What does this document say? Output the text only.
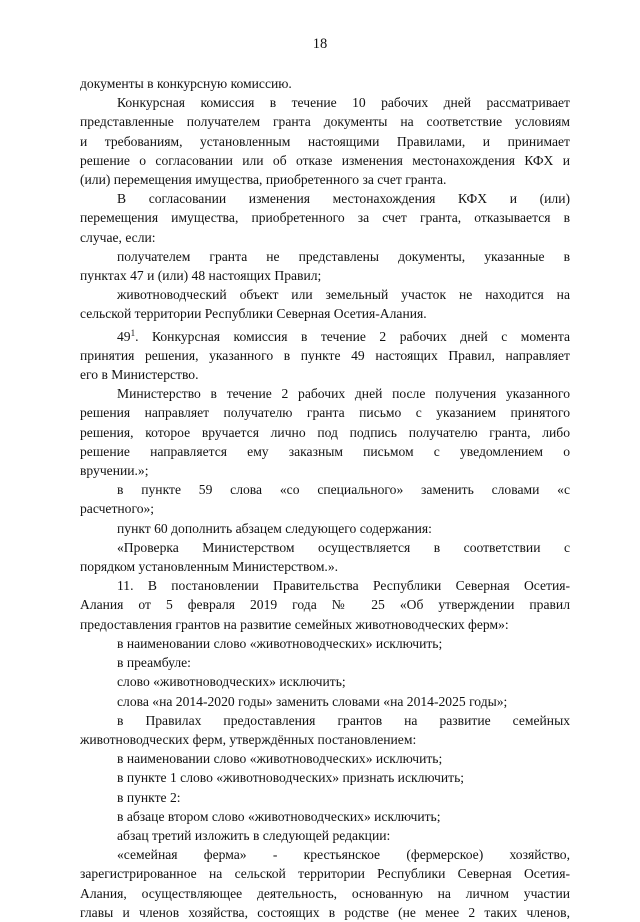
18
документы в конкурсную комиссию.
Конкурсная комиссия в течение 10 рабочих дней рассматривает
представленные получателем гранта документы на соответствие условиям
и требованиям, установленным настоящими Правилами, и принимает
решение о согласовании или об отказе изменения местонахождения КФХ и
(или) перемещения имущества, приобретенного за счет гранта.
В согласовании изменения местонахождения КФХ и (или)
перемещения имущества, приобретенного за счет гранта, отказывается в
случае, если:
получателем гранта не представлены документы, указанные в
пунктах 47 и (или) 48 настоящих Правил;
животноводческий объект или земельный участок не находится на
сельской территории Республики Северная Осетия-Алания.
$49^1$. Конкурсная комиссия в течение 2 рабочих дней с момента
принятия решения, указанного в пункте 49 настоящих Правил, направляет
его в Министерство.
Министерство в течение 2 рабочих дней после получения указанного
решения направляет получателю гранта письмо с указанием принятого
решения, которое вручается лично под подпись получателю гранта, либо
решение направляется ему заказным письмом с уведомлением о
вручении.»;
в пункте 59 слова «со специального» заменить словами «с
расчетного»;
пункт 60 дополнить абзацем следующего содержания:
«Проверка Министерством осуществляется в соответствии с
порядком установленным Министерством.».
11. В постановлении Правительства Республики Северная Осетия-
Алания от 5 февраля 2019 года № 25 «Об утверждении правил
предоставления грантов на развитие семейных животноводческих ферм»:
в наименовании слово «животноводческих» исключить;
в преамбуле:
слово «животноводческих» исключить;
слова «на 2014-2020 годы» заменить словами «на 2014-2025 годы»;
в Правилах предоставления грантов на развитие семейных
животноводческих ферм, утверждённых постановлением:
в наименовании слово «животноводческих» исключить;
в пункте 1 слово «животноводческих» признать исключить;
в пункте 2:
в абзаце втором слово «животноводческих» исключить;
абзац третий изложить в следующей редакции:
«семейная ферма» - крестьянское (фермерское) хозяйство,
зарегистрированное на сельской территории Республики Северная Осетия-
Алания, осуществляющее деятельность, основанную на личном участии
главы и членов хозяйства, состоящих в родстве (не менее 2 таких членов,
